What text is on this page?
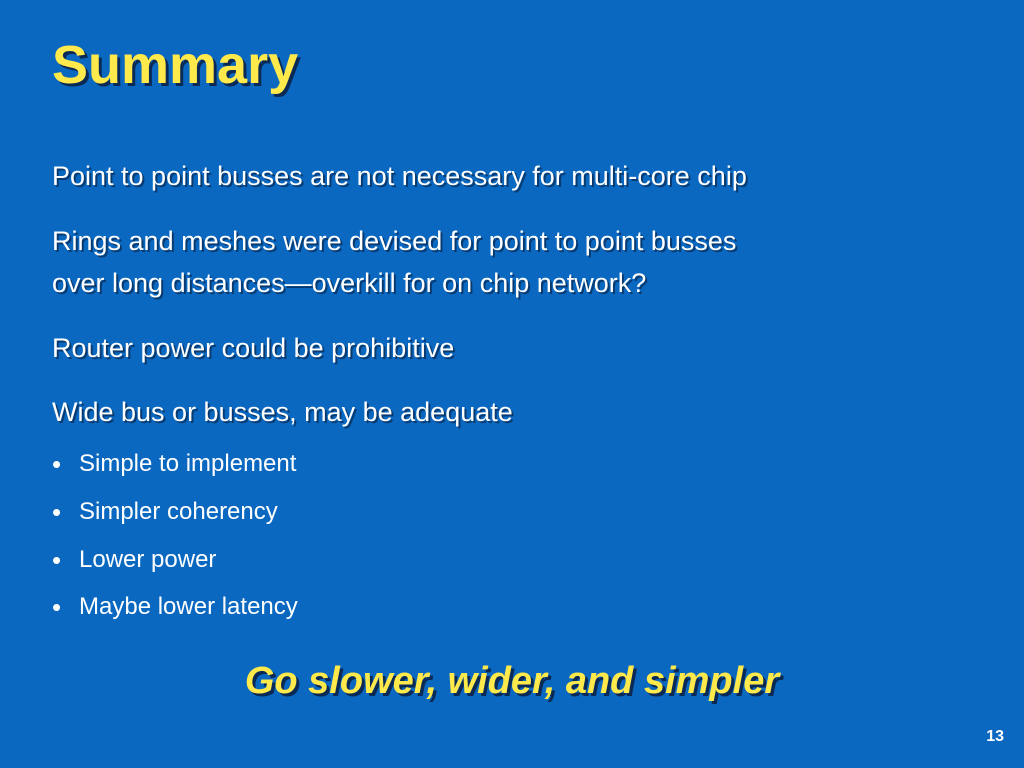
Summary

Point to point busses are not necessary for multi-core chip

Rings and meshes were devised for point to point busses

over long distances—overkill for on chip network?

Router power could be prohibitive

Wide bus or busses, may be adequate

• Simple to implement
• Simpler coherency
• Lower power
• Maybe lower latency

Go slower, wider, and simpler

13
